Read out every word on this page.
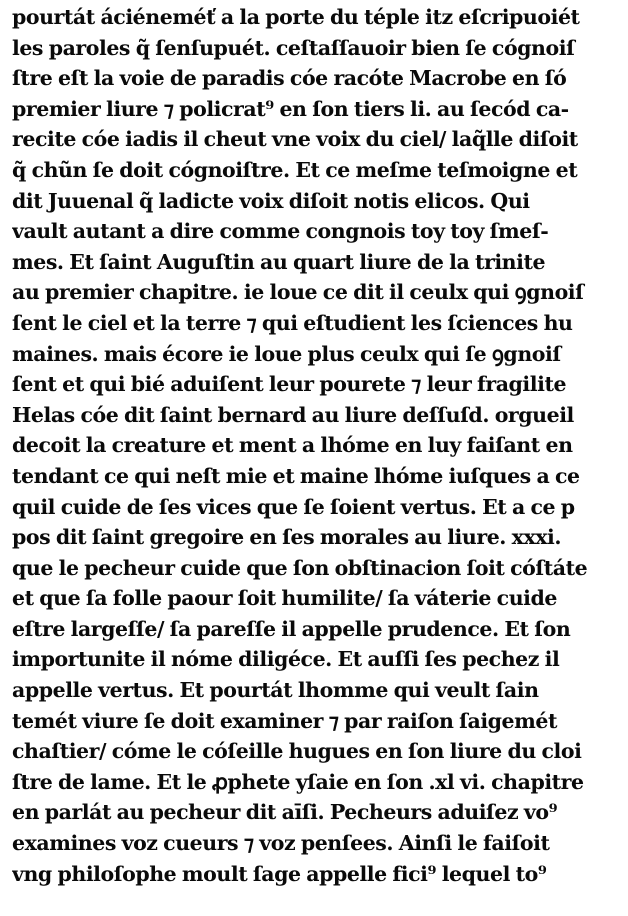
pourtát áciéneméť a la porte du téple itz eſcripuoiét
les paroles q̃ ſenſupuét. ceſtaſſauoir bien ſe cógnoiſ
ſtre eſt la voie de paradis cóe racóte Macrobe en ſó
premier liure ⁊ policrat⁹ en ſon tiers li. au ſecód ca-
recite cóe iadis il cheut vne voix du ciel/ laq̃lle diſoit
q̃ chũn ſe doit cógnoiſtre. Et ce meſme teſmoigne et
dit Juuenal q̃ ladicte voix diſoit notis elicos. Qui
vault autant a dire comme congnois toy toy ſmeſ-
mes. Et ſaint Auguſtin au quart liure de la trinite
au premier chapitre. ie loue ce dit il ceulx qui ꝯgnoiſ
ſent le ciel et la terre ⁊ qui eſtudient les ſciences hu
maines. mais écore ie loue plus ceulx qui ſe ꝯgnoiſ
ſent et qui bié aduiſent leur pourete ⁊ leur fragilite
Helas cóe dit ſaint bernard au liure deſſuſd. orgueil
decoit la creature et ment a lhóme en luy faiſant en
tendant ce qui neſt mie et maine lhóme iuſques a ce
quil cuide de ſes vices que ſe ſoient vertus. Et a ce p
pos dit ſaint gregoire en ſes morales au liure. xxxi.
que le pecheur cuide que ſon obſtinacion ſoit cóſtáte
et que ſa folle paour ſoit humilite/ ſa váterie cuide
eſtre largeſſe/ ſa pareſſe il appelle prudence. Et ſon
importunite il nóme diligéce. Et auſſi ſes pechez il
appelle vertus. Et pourtát lhomme qui veult ſain
temét viure ſe doit examiner ⁊ par raiſon ſaigemét
chaſtier/ cóme le cóſeille hugues en ſon liure du cloi
ſtre de lame. Et le ꝓphete yſaie en ſon .xl vi. chapitre
en parlát au pecheur dit aīſi. Pecheurs aduiſez vo⁹
examines voz cueurs ⁊ voz penſees. Ainſi le faiſoit
vng philoſophe moult ſage appelle fici⁹ lequel to⁹
